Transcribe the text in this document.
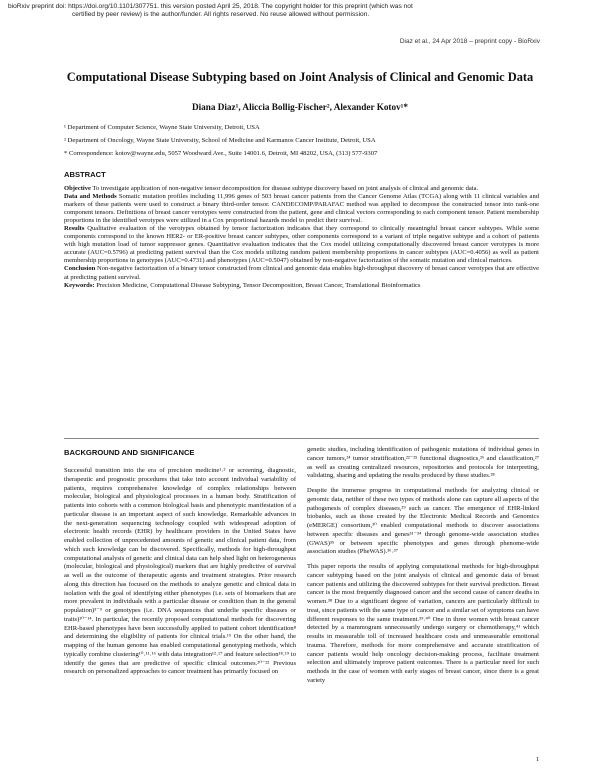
bioRxiv preprint doi: https://doi.org/10.1101/307751. this version posted April 25, 2018. The copyright holder for this preprint (which was not
certified by peer review) is the author/funder. All rights reserved. No reuse allowed without permission.
Diaz et al., 24 Apr 2018 – preprint copy - BioRxiv
Computational Disease Subtyping based on Joint Analysis of Clinical and Genomic Data
Diana Diaz¹, Aliccia Bollig-Fischer², Alexander Kotov¹*
¹ Department of Computer Science, Wayne State University, Detroit, USA
² Department of Oncology, Wayne State University, School of Medicine and Karmanos Cancer Institute, Detroit, USA
* Correspondence: kotov@wayne.edu, 5057 Woodward Ave., Suite 14001.6, Detroit, MI 48202, USA, (313) 577-9307
ABSTRACT

Objective To investigate application of non-negative tensor decomposition for disease subtype discovery based on joint analysis of clinical and genomic data.

Data and Methods Somatic mutation profiles including 11,996 genes of 503 breast cancer patients from the Cancer Genome Atlas (TCGA) along with 11 clinical variables and markers of these patients were used to construct a binary third-order tensor. CANDECOMP/PARAFAC method was applied to decompose the constructed tensor into rank-one component tensors. Definitions of breast cancer verotypes were constructed from the patient, gene and clinical vectors corresponding to each component tensor. Patient membership proportions in the identified verotypes were utilized in a Cox proportional hazards model to predict their survival.

Results Qualitative evaluation of the verotypes obtained by tensor factorization indicates that they correspond to clinically meaningful breast cancer subtypes. While some components correspond to the known HER2- or ER-positive breast cancer subtypes, other components correspond to a variant of triple negative subtype and a cohort of patients with high mutation load of tumor suppressor genes. Quantitative evaluation indicates that the Cox model utilizing computationally discovered breast cancer verotypes is more accurate (AUC=0.5796) at predicting patient survival than the Cox models utilizing random patient membership proportions in cancer subtypes (AUC=0.4056) as well as patient membership proportions in genotypes (AUC=0.4731) and phenotypes (AUC=0.5047) obtained by non-negative factorization of the somatic mutation and clinical matrices.

Conclusion Non-negative factorization of a binary tensor constructed from clinical and genomic data enables high-throughput discovery of breast cancer verotypes that are effective at predicting patient survival.

Keywords: Precision Medicine, Computational Disease Subtyping, Tensor Decomposition, Breast Cancer, Translational Bioinformatics

BACKGROUND AND SIGNIFICANCE

Successful transition into the era of precision medicine¹˒² or screening, diagnostic, therapeutic and prognostic procedures that take into account individual variability of patients, requires comprehensive knowledge of complex relationships between molecular, biological and physiological processes in a human body. Stratification of patients into cohorts with a common biological basis and phenotypic manifestation of a particular disease is an important aspect of such knowledge. Remarkable advances in the next-generation sequencing technology coupled with widespread adoption of electronic health records (EHR) by healthcare providers in the United States have enabled collection of unprecedented amounts of genetic and clinical patient data, from which such knowledge can be discovered. Specifically, methods for high-throughput computational analysis of genetic and clinical data can help shed light on heterogeneous (molecular, biological and physiological) markers that are highly predictive of survival as well as the outcome of therapeutic agents and treatment strategies. Prior research along this direction has focused on the methods to analyze genetic and clinical data in isolation with the goal of identifying either phenotypes (i.e. sets of biomarkers that are more prevalent in individuals with a particular disease or condition than in the general population)³⁻⁹ or genotypes (i.e. DNA sequences that underlie specific diseases or traits)¹⁰⁻¹⁴. In particular, the recently proposed computational methods for discovering EHR-based phenotypes have been successfully applied to patient cohort identification⁸ and determining the eligibility of patients for clinical trials.¹⁵ On the other hand, the mapping of the human genome has enabled computational genotyping methods, which typically combine clustering¹⁰˒¹¹˒¹⁶ with data integration¹²˒¹⁷ and feature selection¹⁸˒¹⁹ to identify the genes that are predictive of specific clinical outcomes.²⁰⁻²² Previous research on personalized approaches to cancer treatment has primarily focused on

genetic studies, including identification of pathogenic mutations of individual genes in cancer tumors,²⁴ tumor stratification,²²⁻²⁵ functional diagnostics,²⁶ and classification,²⁷ as well as creating centralized resources, repositories and protocols for interpreting, validating, sharing and updating the results produced by these studies.²⁸

Despite the immense progress in computational methods for analyzing clinical or genomic data, neither of these two types of methods alone can capture all aspects of the pathogenesis of complex diseases,²⁹ such as cancer. The emergence of EHR-linked biobanks, such as those created by the Electronic Medical Records and Genomics (eMERGE) consortium,³⁰ enabled computational methods to discover associations between specific diseases and genes³¹⁻³⁴ through genome-wide association studies (GWAS)³⁵ or between specific phenotypes and genes through phenome-wide association studies (PheWAS).³⁶˒³⁷

This paper reports the results of applying computational methods for high-throughput cancer subtyping based on the joint analysis of clinical and genomic data of breast cancer patients and utilizing the discovered subtypes for their survival prediction. Breast cancer is the most frequently diagnosed cancer and the second cause of cancer deaths in women.³⁸ Due to a significant degree of variation, cancers are particularly difficult to treat, since patients with the same type of cancer and a similar set of symptoms can have different responses to the same treatment.³⁹˒⁴⁰ One in three women with breast cancer detected by a mammogram unnecessarily undergo surgery or chemotherapy,⁴¹ which results in measurable toll of increased healthcare costs and unmeasurable emotional trauma. Therefore, methods for more comprehensive and accurate stratification of cancer patients would help oncology decision-making process, facilitate treatment selection and ultimately improve patient outcomes. There is a particular need for such methods in the case of women with early stages of breast cancer, since there is a great variety

1
